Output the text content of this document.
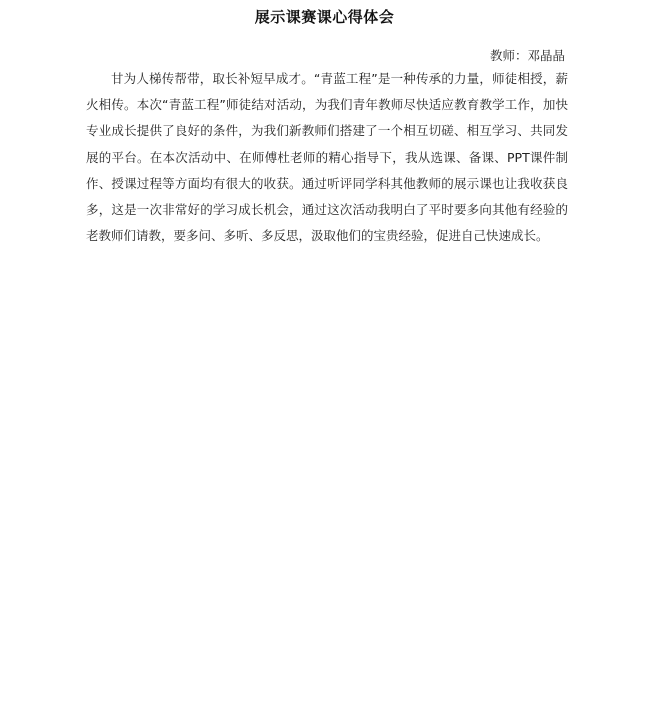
展示课赛课心得体会
教师：邓晶晶

甘为人梯传帮带，取长补短早成才。“青蓝工程”是一种传承的力量，师徒相授，薪火相传。本次“青蓝工程”师徒结对活动，为我们青年教师尽快适应教育教学工作，加快专业成长提供了良好的条件，为我们新教师们搭建了一个相互切磋、相互学习、共同发展的平台。在本次活动中、在师傅杜老师的精心指导下，我从选课、备课、PPT课件制作、授课过程等方面均有很大的收获。通过听评同学科其他教师的展示课也让我收获良多，这是一次非常好的学习成长机会，通过这次活动我明白了平时要多向其他有经验的老教师们请教，要多问、多听、多反思，汲取他们的宝贵经验，促进自己快速成长。
